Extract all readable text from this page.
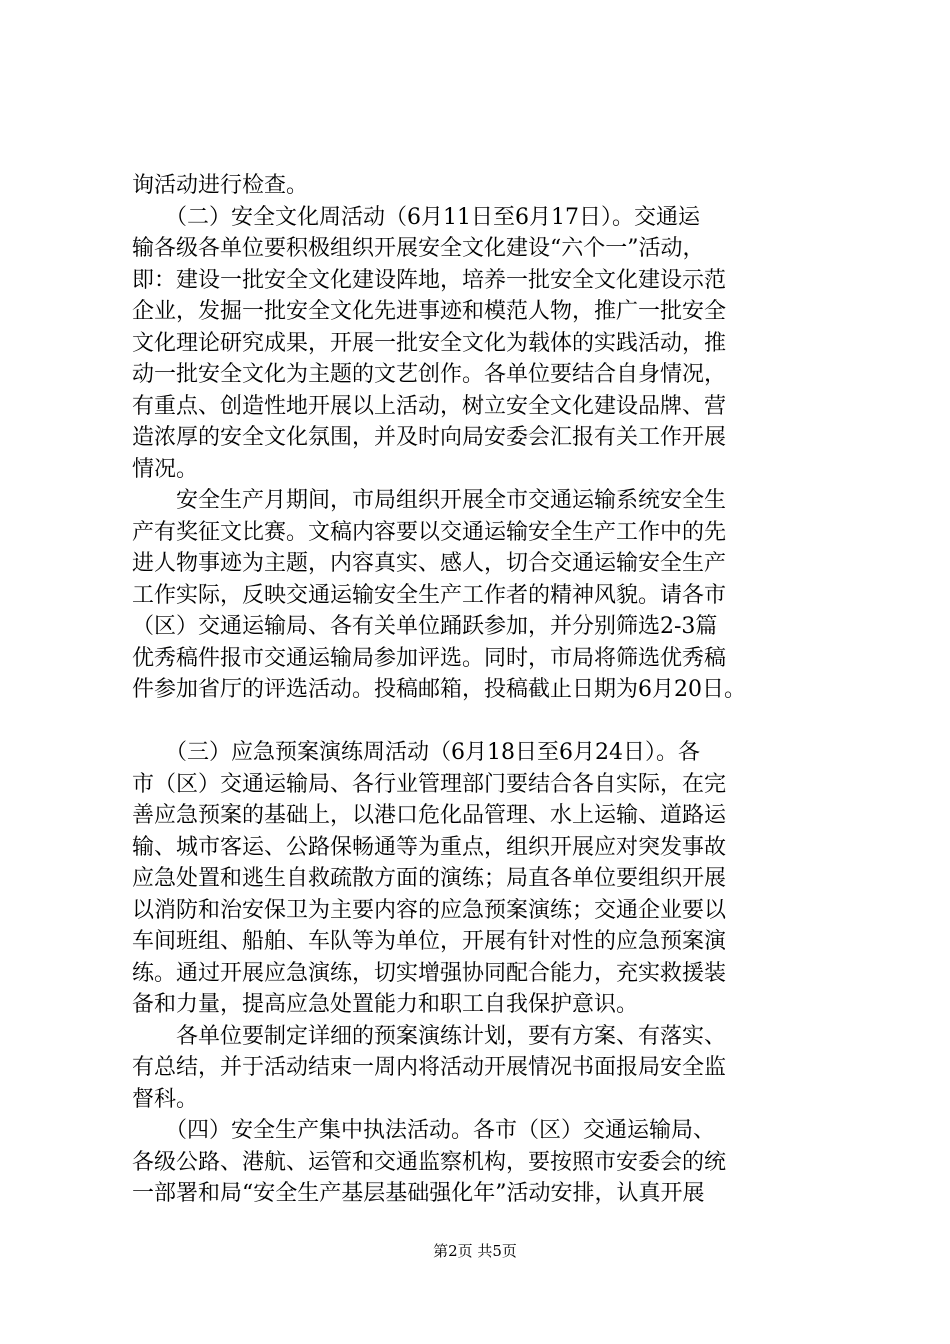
询活动进行检查。
　　（二）安全文化周活动（6月11日至6月17日）。交通运
输各级各单位要积极组织开展安全文化建设“六个一”活动，
即：建设一批安全文化建设阵地，培养一批安全文化建设示范
企业，发掘一批安全文化先进事迹和模范人物，推广一批安全
文化理论研究成果，开展一批安全文化为载体的实践活动，推
动一批安全文化为主题的文艺创作。各单位要结合自身情况，
有重点、创造性地开展以上活动，树立安全文化建设品牌、营
造浓厚的安全文化氛围，并及时向局安委会汇报有关工作开展
情况。
　　安全生产月期间，市局组织开展全市交通运输系统安全生
产有奖征文比赛。文稿内容要以交通运输安全生产工作中的先
进人物事迹为主题，内容真实、感人，切合交通运输安全生产
工作实际，反映交通运输安全生产工作者的精神风貌。请各市
（区）交通运输局、各有关单位踊跃参加，并分别筛选2-3篇
优秀稿件报市交通运输局参加评选。同时，市局将筛选优秀稿
件参加省厅的评选活动。投稿邮箱，投稿截止日期为6月20日。
　　（三）应急预案演练周活动（6月18日至6月24日）。各
市（区）交通运输局、各行业管理部门要结合各自实际，在完
善应急预案的基础上，以港口危化品管理、水上运输、道路运
输、城市客运、公路保畅通等为重点，组织开展应对突发事故
应急处置和逃生自救疏散方面的演练；局直各单位要组织开展
以消防和治安保卫为主要内容的应急预案演练；交通企业要以
车间班组、船舶、车队等为单位，开展有针对性的应急预案演
练。通过开展应急演练，切实增强协同配合能力，充实救援装
备和力量，提高应急处置能力和职工自我保护意识。
　　各单位要制定详细的预案演练计划，要有方案、有落实、
有总结，并于活动结束一周内将活动开展情况书面报局安全监
督科。
　　（四）安全生产集中执法活动。各市（区）交通运输局、
各级公路、港航、运管和交通监察机构，要按照市安委会的统
一部署和局“安全生产基层基础强化年”活动安排，认真开展
第2页 共5页
